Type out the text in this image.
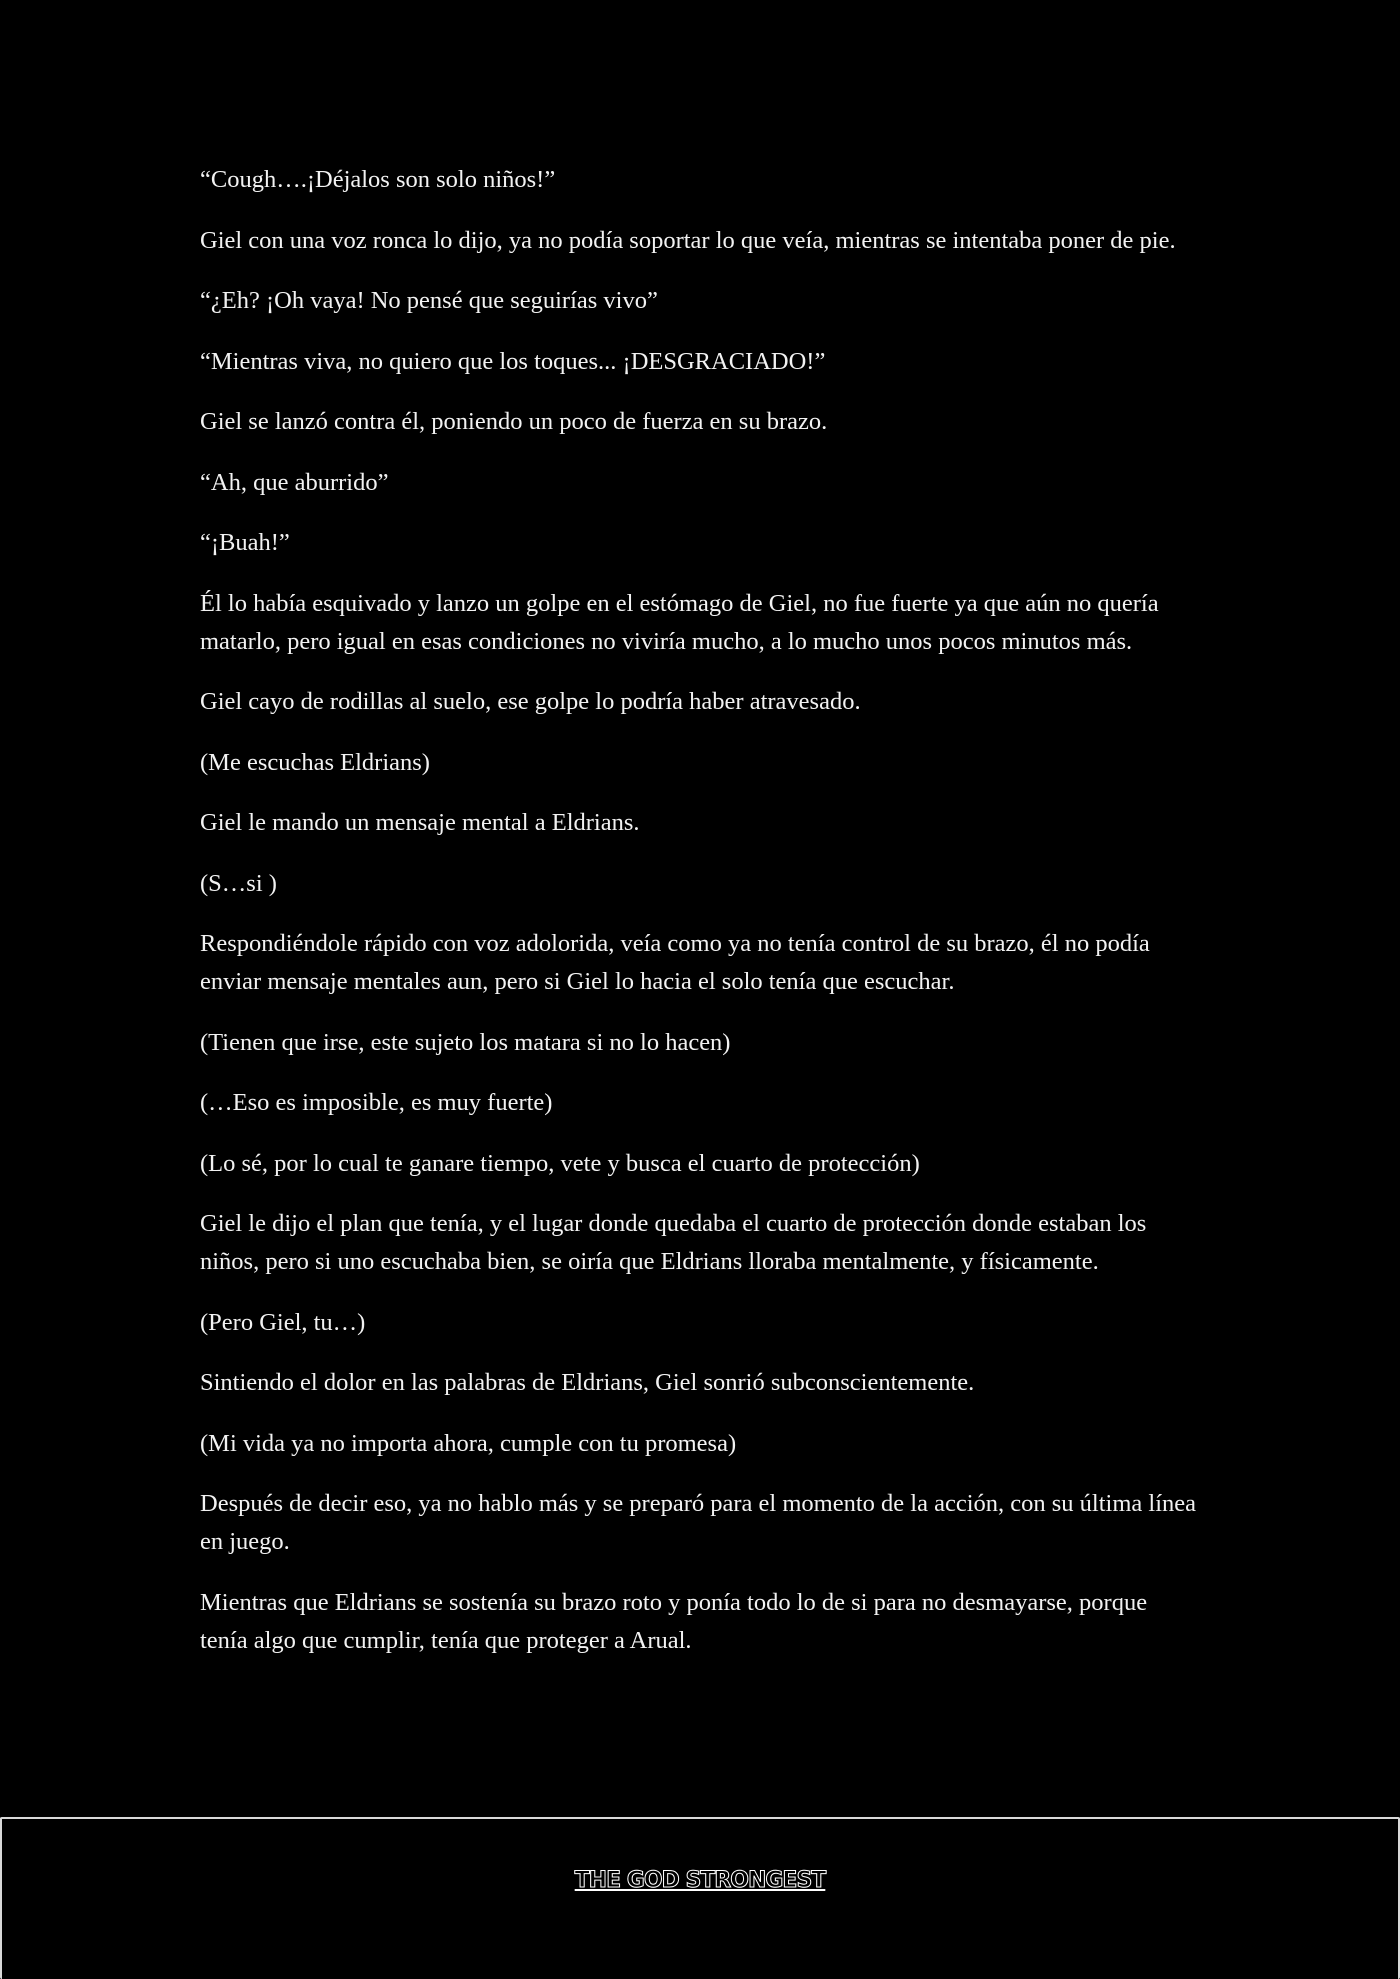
“Cough….¡Déjalos son solo niños!”

Giel con una voz ronca lo dijo, ya no podía soportar lo que veía, mientras se intentaba poner de pie.

“¿Eh? ¡Oh vaya! No pensé que seguirías vivo”

“Mientras viva, no quiero que los toques... ¡DESGRACIADO!”

Giel se lanzó contra él, poniendo un poco de fuerza en su brazo.

“Ah, que aburrido”

“¡Buah!”

Él lo había esquivado y lanzo un golpe en el estómago de Giel, no fue fuerte ya que aún no quería matarlo, pero igual en esas condiciones no viviría mucho, a lo mucho unos pocos minutos más.

Giel cayo de rodillas al suelo, ese golpe lo podría haber atravesado.

(Me escuchas Eldrians)

Giel le mando un mensaje mental a Eldrians.

(S…si )

Respondiéndole rápido con voz adolorida, veía como ya no tenía control de su brazo, él no podía enviar mensaje mentales aun, pero si Giel lo hacia el solo tenía que escuchar.

(Tienen que irse, este sujeto los matara si no lo hacen)

(…Eso es imposible, es muy fuerte)

(Lo sé, por lo cual te ganare tiempo, vete y busca el cuarto de protección)

Giel le dijo el plan que tenía, y el lugar donde quedaba el cuarto de protección donde estaban los niños, pero si uno escuchaba bien, se oiría que Eldrians lloraba mentalmente, y físicamente.

(Pero Giel, tu…)

Sintiendo el dolor en las palabras de Eldrians, Giel sonrió subconscientemente.

(Mi vida ya no importa ahora, cumple con tu promesa)

Después de decir eso, ya no hablo más y se preparó para el momento de la acción, con su última línea en juego.

Mientras que Eldrians se sostenía su brazo roto y ponía todo lo de si para no desmayarse, porque tenía algo que cumplir, tenía que proteger a Arual.

THE GOD STRONGEST
